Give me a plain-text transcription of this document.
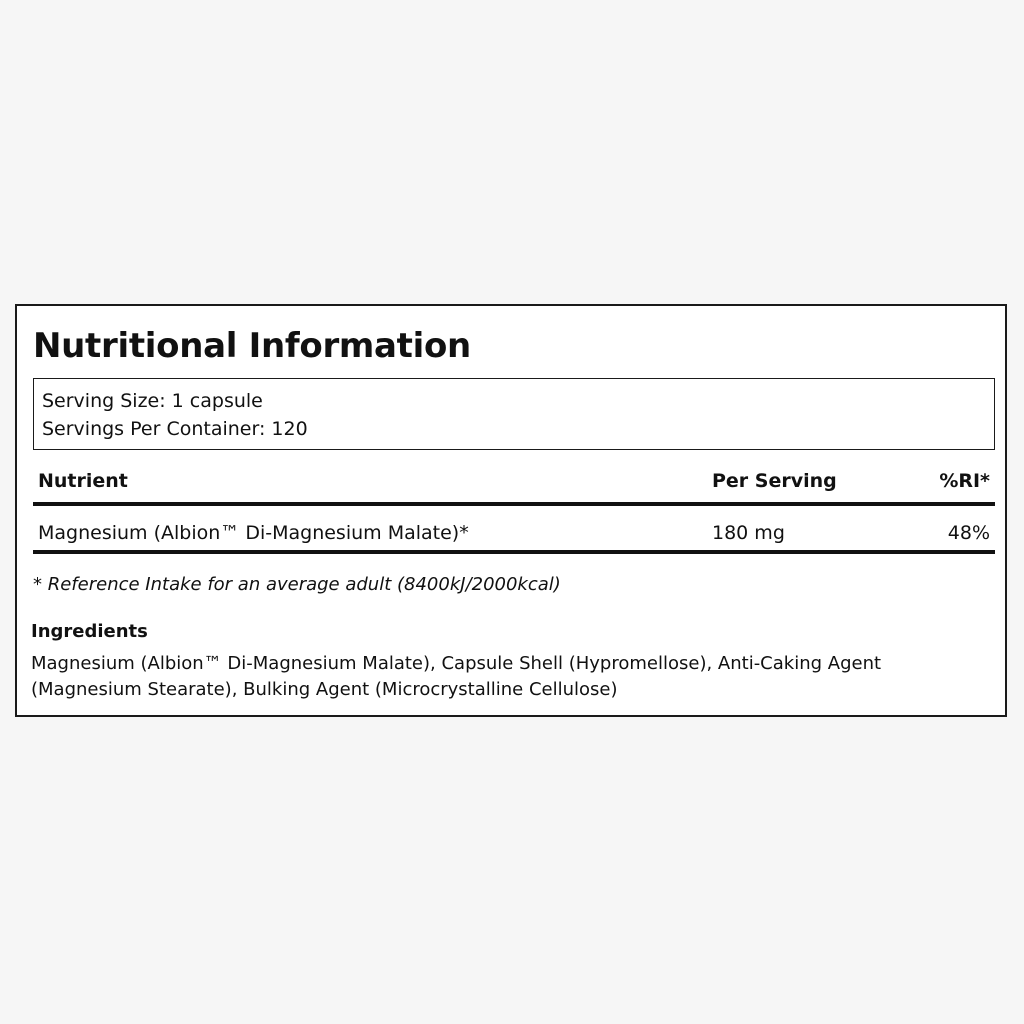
Nutritional Information
Serving Size: 1 capsule
Servings Per Container: 120
Nutrient	Per Serving	%RI*
Magnesium (Albion™ Di-Magnesium Malate)*	180 mg	48%

* Reference Intake for an average adult (8400kJ/2000kcal)

Ingredients

Magnesium (Albion™ Di-Magnesium Malate), Capsule Shell (Hypromellose), Anti-Caking Agent (Magnesium Stearate), Bulking Agent (Microcrystalline Cellulose)
